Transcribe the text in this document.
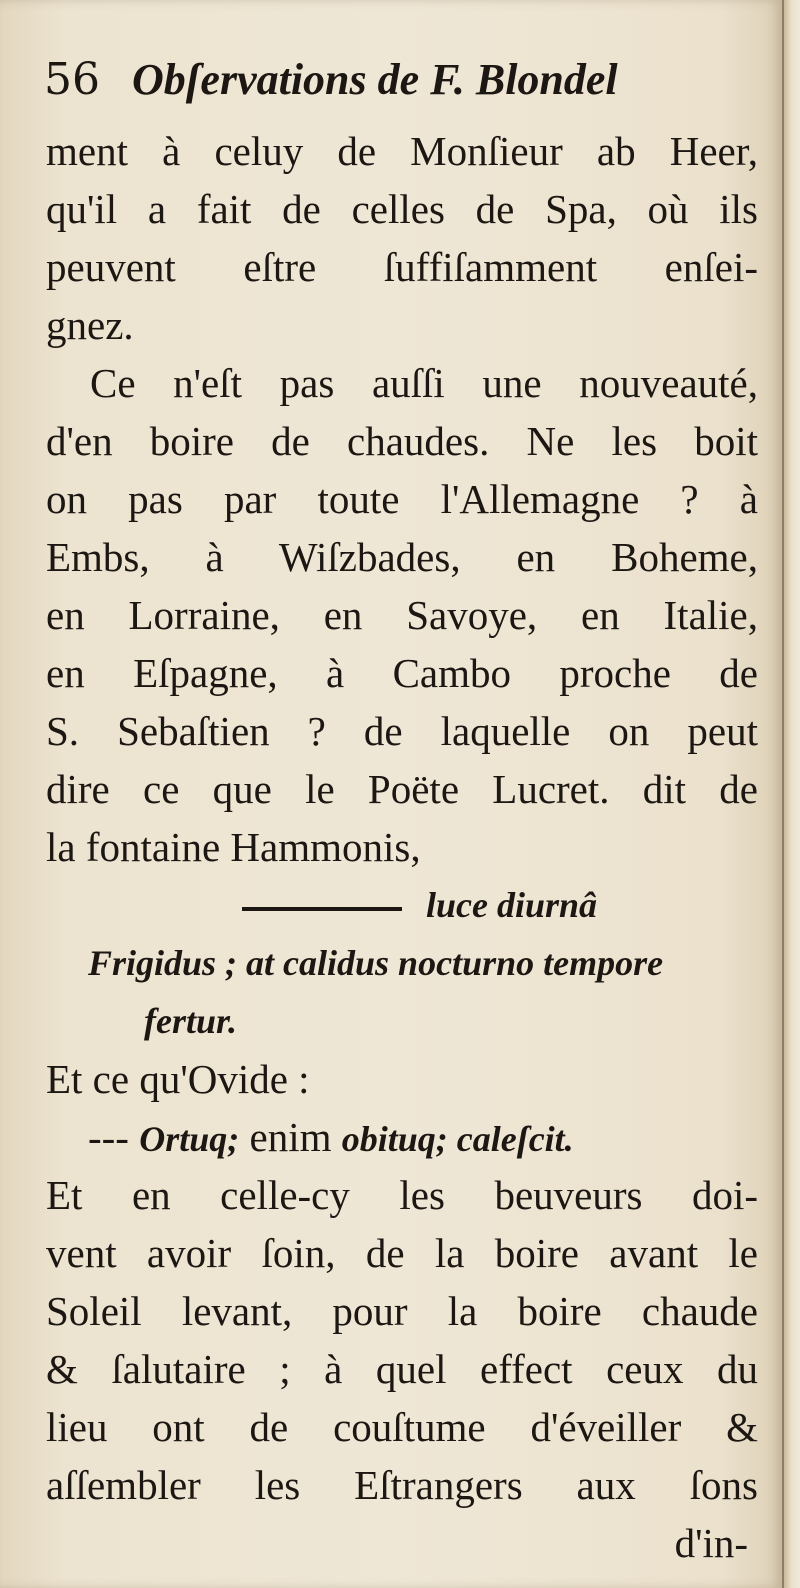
56 Obſervations de F. Blondel
ment à celuy de Monſieur ab Heer,
qu'il a fait de celles de Spa, où ils
peuvent eſtre ſuffiſamment enſei-
gnez.
Ce n'eſt pas auſſi une nouveauté,
d'en boire de chaudes. Ne les boit
on pas par toute l'Allemagne ? à
Embs, à Wiſzbades, en Boheme,
en Lorraine, en Savoye, en Italie,
en Eſpagne, à Cambo proche de
S. Sebaſtien ? de laquelle on peut
dire ce que le Poëte Lucret. dit de
la fontaine Hammonis,
luce diurnâ
Frigidus ; at calidus nocturno tempore
fertur.
Et ce qu'Ovide :
--- Ortuq; enim obituq; caleſcit.
Et en celle-cy les beuveurs doi-
vent avoir ſoin, de la boire avant le
Soleil levant, pour la boire chaude
& ſalutaire ; à quel effect ceux du
lieu ont de couſtume d'éveiller &
aſſembler les Eſtrangers aux ſons
d'in-
